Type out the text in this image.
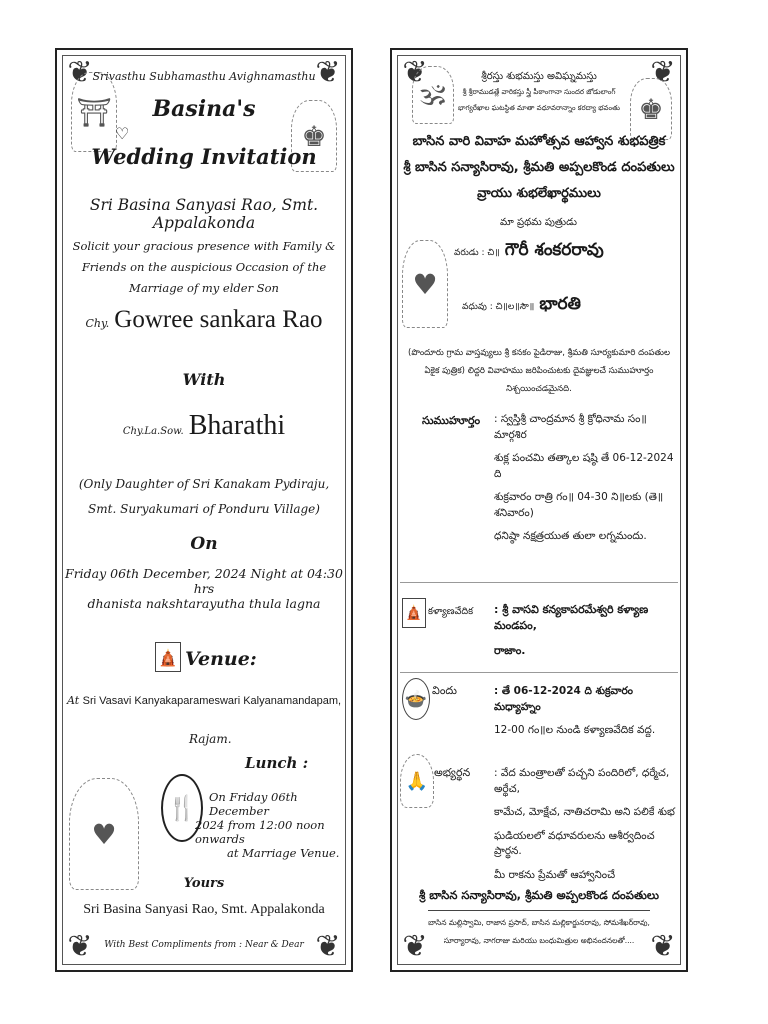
❦	❦
❦	❦
⛩
♚
Srivasthu Subhamasthu Avighnamasthu
Basina's
♡
Wedding Invitation
Sri Basina Sanyasi Rao, Smt. Appalakonda
Solicit your gracious presence with Family & Friends on the auspicious Occasion of the Marriage of my elder Son
Chy. Gowree sankara Rao
With
Chy.La.Sow. Bharathi
(Only Daughter of Sri Kanakam Pydiraju, Smt. Suryakumari of Ponduru Village)
On
Friday 06th December, 2024 Night at 04:30 hrs
dhanista nakshtarayutha thula lagna
🛕 Venue:
At Sri Vasavi Kanyakaparameswari Kalyanamandapam,
Rajam.
Lunch :
🍴	On Friday 06th December
2024 from 12:00 noon onwards
at Marriage Venue.
♥
Yours
Sri Basina Sanyasi Rao, Smt. Appalakonda
With Best Compliments from : Near & Dear
❦	❦
❦	❦
🕉	♚
శ్రీరస్తు శుభమస్తు అవిఘ్నమస్తు
శ్రీ శ్రీరాముడత్లే వారికస్తు స్త్రీ పీఠాంగానా సుందర జోడులాంగ్
భాగ్యరేఖాల ఘటస్థిత మాతా వధూవరాన్నాం కరద్యా భవంతు
బాసిన వారి వివాహ మహోత్సవ ఆహ్వాన శుభపత్రిక
శ్రీ బాసిన సన్యాసిరావు, శ్రీమతి అప్పలకొండ దంపతులు
వ్రాయు శుభలేఖార్థములు
మా ప్రథమ పుత్రుడు
♥
వరుడు : చి॥ గౌరీ శంకరరావు
వధువు : చి॥ల॥సౌ॥ భారతి
(పొందూరు గ్రామ వాస్తవ్యులు శ్రీ కనకం పైడిరాజు, శ్రీమతి సూర్యకుమారి దంపతుల ఏకైక పుత్రిక) లిద్దరి వివాహము జరిపించుటకు దైవజ్ఞులచే సుముహూర్తం నిశ్చయించడమైనది.
సుముహూర్తం : స్వస్తిశ్రీ చాంద్రమాన శ్రీ క్రోధినామ సం॥ మార్గశిర
శుక్ల పంచమి తత్కాల షష్ఠి తే 06-12-2024 ది
శుక్రవారం రాత్రి గం॥ 04-30 ని॥లకు (తె॥ శనివారం)
ధనిష్ఠా నక్షత్రయుత తులా లగ్నమందు.
🛕 కళ్యాణవేదిక : శ్రీ వాసవి కన్యకాపరమేశ్వరి కళ్యాణ మండపం,
రాజాం.
🍲 విందు	: తే 06-12-2024 ది శుక్రవారం మధ్యాహ్నం
12-00 గం॥ల నుండి కళ్యాణవేదిక వద్ద.
🙏 అభ్యర్థన : వేద మంత్రాలతో పచ్చని పందిరిలో, ధర్మేచ, అర్థేచ,
కామేచ, మోక్షేచ, నాతిచరామి అని పలికే శుభ
ఘడియలలో వధూవరులను ఆశీర్వదించ ప్రార్థన.
మీ రాకను ప్రేమతో ఆహ్వానించే
శ్రీ బాసిన సన్యాసిరావు, శ్రీమతి అప్పలకొండ దంపతులు
బాసిన మల్లిస్వామి, రాజాన ప్రసాద్, బాసిన మల్లికార్జునరావు, సోమశేఖర్‌రావు,
సూర్యారావు, నాగరాజు మరియు బంధుమిత్రుల అభినందనలతో....
